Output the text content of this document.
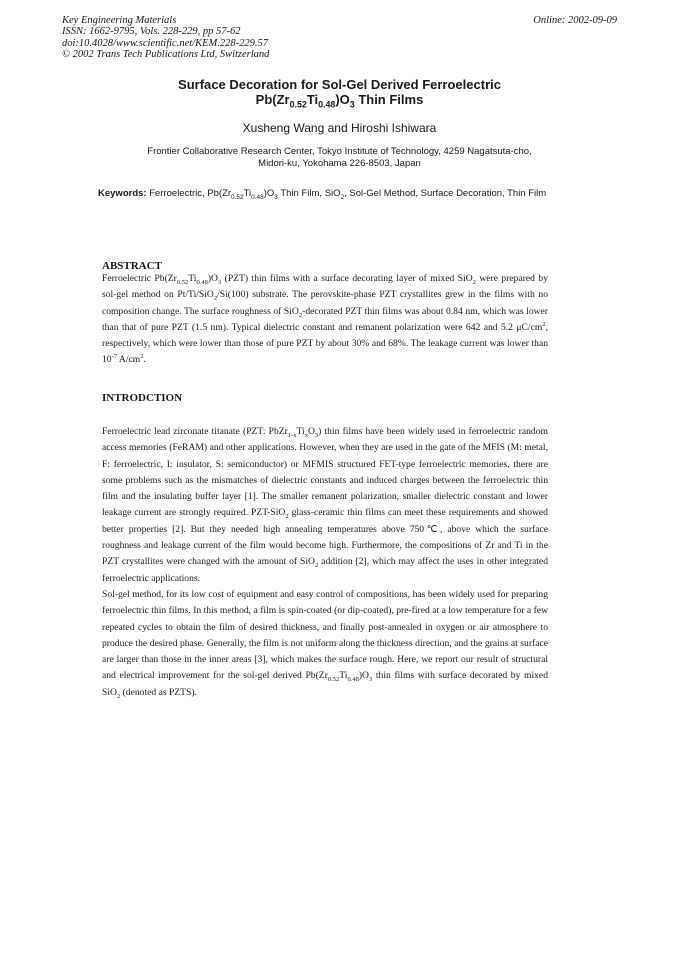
Key Engineering Materials
ISSN: 1662-9795, Vols. 228-229, pp 57-62
doi:10.4028/www.scientific.net/KEM.228-229.57
© 2002 Trans Tech Publications Ltd, Switzerland
Online: 2002-09-09
Surface Decoration for Sol-Gel Derived Ferroelectric
$Pb(Zr_{0.52}Ti_{0.48})O_3$ Thin Films
Xusheng Wang and Hiroshi Ishiwara
Frontier Collaborative Research Center, Tokyo Institute of Technology, 4259 Nagatsuta-cho,
Midori-ku, Yokohama 226-8503, Japan
Keywords: Ferroelectric, $Pb(Zr_{0.52}Ti_{0.48})O_3$ Thin Film, SiO$_2$, Sol-Gel Method, Surface Decoration, Thin Film
ABSTRACT

Ferroelectric $Pb(Zr_{0.52}Ti_{0.48})O_3$ (PZT) thin films with a surface decorating layer of mixed SiO$_2$ were prepared by sol-gel method on Pt/Ti/SiO$_2$/Si(100) substrate. The perovskite-phase PZT crystallites grew in the films with no composition change. The surface roughness of SiO$_2$-decorated PZT thin films was about 0.84 nm, which was lower than that of pure PZT (1.5 nm). Typical dielectric constant and remanent polarization were 642 and 5.2 $\mu C/cm^2$, respectively, which were lower than those of pure PZT by about 30% and 68%. The leakage current was lower than $10^{-7}$ $A/cm^2$.

INTRODCTION

Ferroelectric lead zirconate titanate (PZT: $PbZr_{1-x}Ti_xO_3$) thin films have been widely used in ferroelectric random access memories (FeRAM) and other applications. However, when they are used in the gate of the MFIS (M: metal, F: ferroelectric, I: insulator, S: semiconductor) or MFMIS structured FET-type ferroelectric memories, there are some problems such as the mismatches of dielectric constants and induced charges between the ferroelectric thin film and the insulating buffer layer [1]. The smaller remanent polarization, smaller dielectric constant and lower leakage current are strongly required. PZT-SiO$_2$ glass-ceramic thin films can meet these requirements and showed better properties [2]. But they needed high annealing temperatures above 750℃, above which the surface roughness and leakage current of the film would become high. Furthermore, the compositions of Zr and Ti in the PZT crystallites were changed with the amount of SiO$_2$ addition [2], which may affect the uses in other integrated ferroelectric applications.

Sol-gel method, for its low cost of equipment and easy control of compositions, has been widely used for preparing ferroelectric thin films. In this method, a film is spin-coated (or dip-coated), pre-fired at a low temperature for a few repeated cycles to obtain the film of desired thickness, and finally post-annealed in oxygen or air atmosphere to produce the desired phase. Generally, the film is not uniform along the thickness direction, and the grains at surface are larger than those in the inner areas [3], which makes the surface rough. Here, we report our result of structural and electrical improvement for the sol-gel derived $Pb(Zr_{0.52}Ti_{0.48})O_3$ thin films with surface decorated by mixed SiO$_2$ (denoted as PZTS).
